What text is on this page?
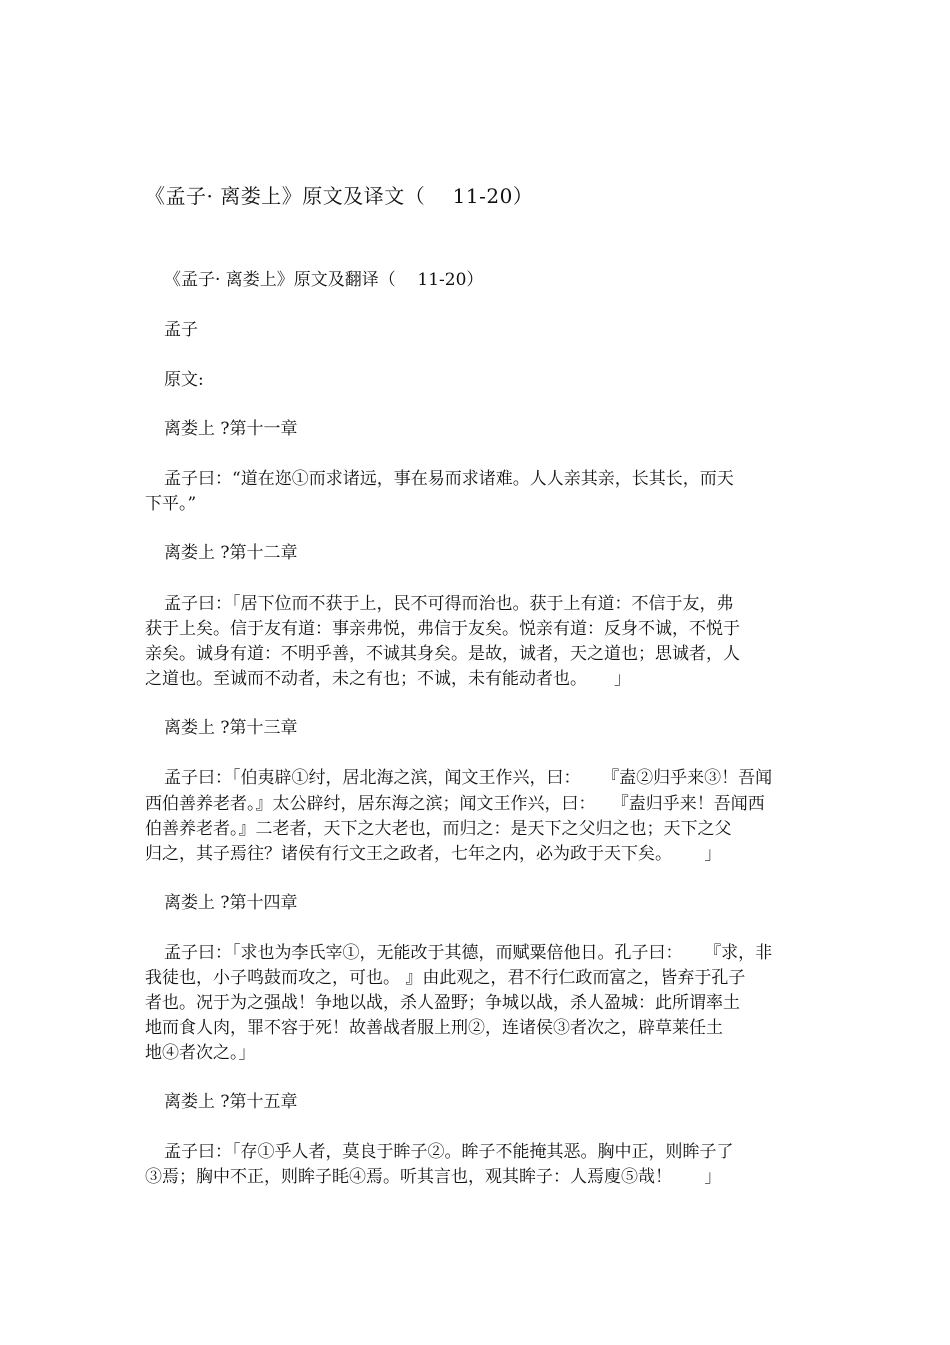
《孟子· 离娄上》原文及译文（    11-20）
《孟子· 离娄上》原文及翻译（    11-20）
孟子
原文:
离娄上 ?第十一章
孟子曰：“道在迩①而求诸远，事在易而求诸难。人人亲其亲，长其长，而天
下平。”
离娄上 ?第十二章
孟子曰：「居下位而不获于上，民不可得而治也。获于上有道：不信于友，弗
获于上矣。信于友有道：事亲弗悦，弗信于友矣。悦亲有道：反身不诚，不悦于
亲矣。诚身有道：不明乎善，不诚其身矣。是故，诚者，天之道也；思诚者，人
之道也。至诚而不动者，未之有也；不诚，未有能动者也。     」
离娄上 ?第十三章
孟子曰：「伯夷辟①纣，居北海之滨，闻文王作兴，曰：    『盍②归乎来③！吾闻
西伯善养老者。』太公辟纣，居东海之滨；闻文王作兴，曰：   『盍归乎来！吾闻西
伯善养老者。』二老者，天下之大老也，而归之：是天下之父归之也；天下之父
归之，其子焉往？诸侯有行文王之政者，七年之内，必为政于天下矣。      」
离娄上 ?第十四章
孟子曰：「求也为李氏宰①，无能改于其德，而赋粟倍他日。孔子曰：    『求，非
我徒也，小子鸣鼓而攻之，可也。 』由此观之，君不行仁政而富之，皆弃于孔子
者也。况于为之强战！争地以战，杀人盈野；争城以战，杀人盈城：此所谓率土
地而食人肉，罪不容于死！故善战者服上刑②，连诸侯③者次之，辟草莱任土
地④者次之。」
离娄上 ?第十五章
孟子曰：「存①乎人者，莫良于眸子②。眸子不能掩其恶。胸中正，则眸子了
③焉；胸中不正，则眸子眊④焉。听其言也，观其眸子：人焉廋⑤哉！      」
